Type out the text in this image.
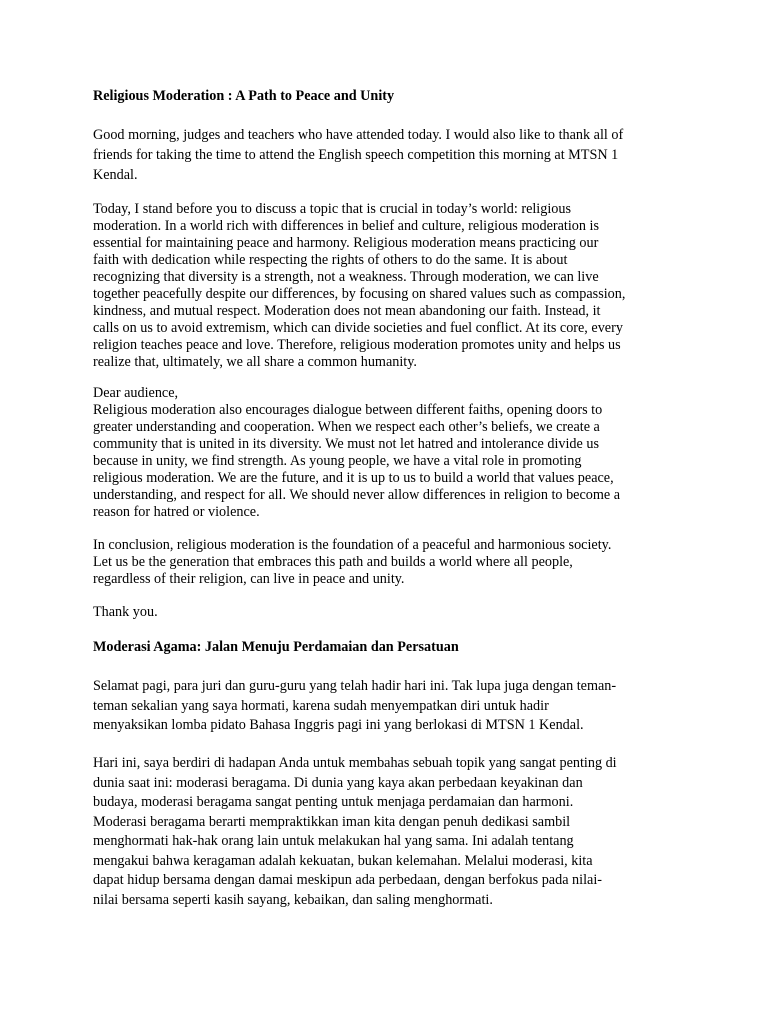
Religious Moderation : A Path to Peace and Unity

Good morning, judges and teachers who have attended today. I would also like to thank all of
friends for taking the time to attend the English speech competition this morning at MTSN 1
Kendal.

Today, I stand before you to discuss a topic that is crucial in today’s world: religious
moderation. In a world rich with differences in belief and culture, religious moderation is
essential for maintaining peace and harmony. Religious moderation means practicing our
faith with dedication while respecting the rights of others to do the same. It is about
recognizing that diversity is a strength, not a weakness. Through moderation, we can live
together peacefully despite our differences, by focusing on shared values such as compassion,
kindness, and mutual respect. Moderation does not mean abandoning our faith. Instead, it
calls on us to avoid extremism, which can divide societies and fuel conflict. At its core, every
religion teaches peace and love. Therefore, religious moderation promotes unity and helps us
realize that, ultimately, we all share a common humanity.

Dear audience,
Religious moderation also encourages dialogue between different faiths, opening doors to
greater understanding and cooperation. When we respect each other’s beliefs, we create a
community that is united in its diversity. We must not let hatred and intolerance divide us
because in unity, we find strength. As young people, we have a vital role in promoting
religious moderation. We are the future, and it is up to us to build a world that values peace,
understanding, and respect for all. We should never allow differences in religion to become a
reason for hatred or violence.

In conclusion, religious moderation is the foundation of a peaceful and harmonious society.
Let us be the generation that embraces this path and builds a world where all people,
regardless of their religion, can live in peace and unity.

Thank you.

Moderasi Agama: Jalan Menuju Perdamaian dan Persatuan

Selamat pagi, para juri dan guru-guru yang telah hadir hari ini. Tak lupa juga dengan teman-
teman sekalian yang saya hormati, karena sudah menyempatkan diri untuk hadir
menyaksikan lomba pidato Bahasa Inggris pagi ini yang berlokasi di MTSN 1 Kendal.

Hari ini, saya berdiri di hadapan Anda untuk membahas sebuah topik yang sangat penting di
dunia saat ini: moderasi beragama. Di dunia yang kaya akan perbedaan keyakinan dan
budaya, moderasi beragama sangat penting untuk menjaga perdamaian dan harmoni.
Moderasi beragama berarti mempraktikkan iman kita dengan penuh dedikasi sambil
menghormati hak-hak orang lain untuk melakukan hal yang sama. Ini adalah tentang
mengakui bahwa keragaman adalah kekuatan, bukan kelemahan. Melalui moderasi, kita
dapat hidup bersama dengan damai meskipun ada perbedaan, dengan berfokus pada nilai-
nilai bersama seperti kasih sayang, kebaikan, dan saling menghormati.
